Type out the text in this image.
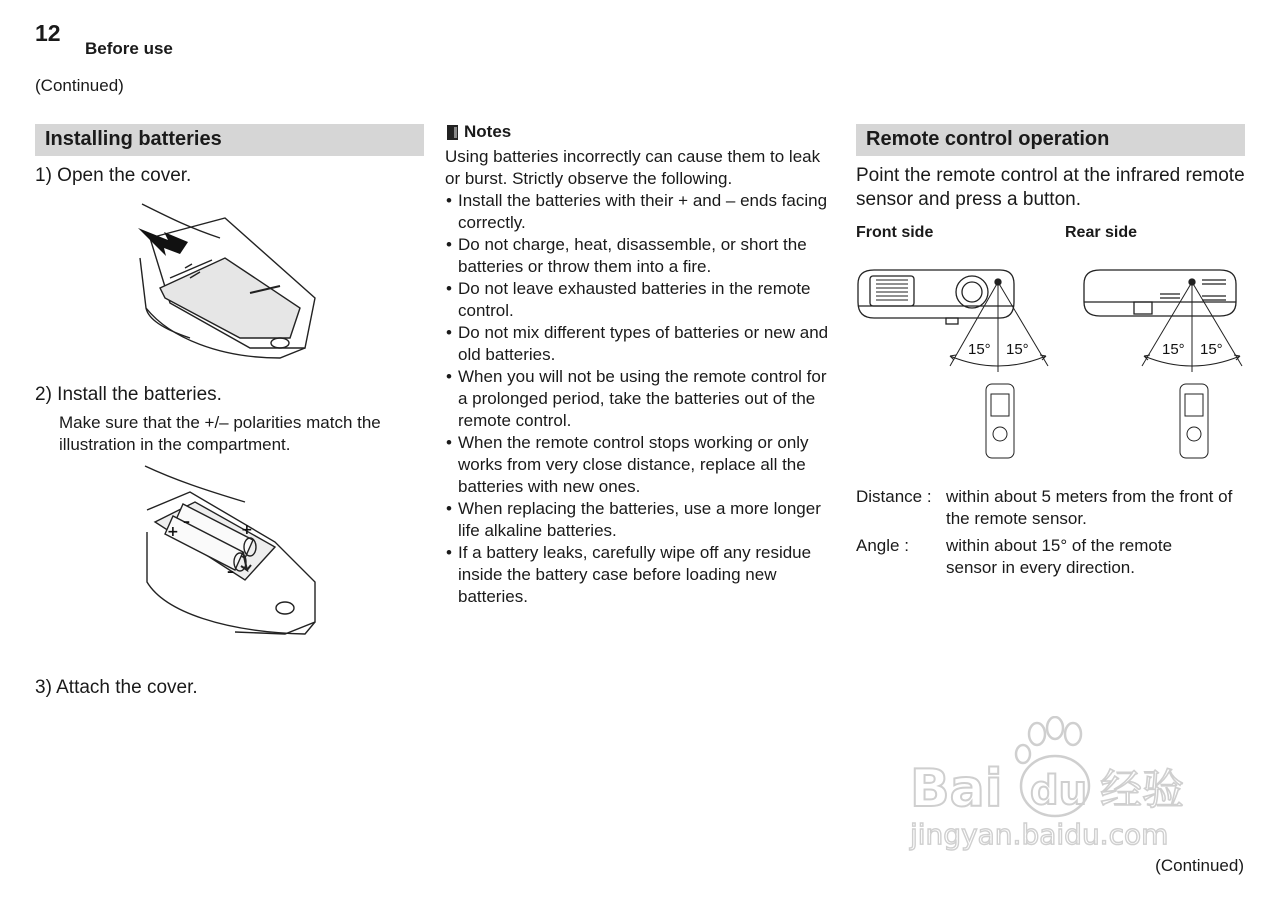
12
Before use
(Continued)
Installing batteries
1) Open the cover.
2) Install the batteries.
Make sure that the +/– polarities match the illustration in the compartment.
+
–
+
–
3) Attach the cover.
Notes
Using batteries incorrectly can cause them to leak or burst. Strictly observe the following.
• Install the batteries with their + and – ends facing correctly.
• Do not charge, heat, disassemble, or short the batteries or throw them into a fire.
• Do not leave exhausted batteries in the remote control.
• Do not mix different types of batteries or new and old batteries.
• When you will not be using the remote control for a prolonged period, take the batteries out of the remote control.
• When the remote control stops working or only works from very close distance, replace all the batteries with new ones.
• When replacing the batteries, use a more longer life alkaline batteries.
• If a battery leaks, carefully wipe off any residue inside the battery case before loading new batteries.
Remote control operation
Point the remote control at the infrared remote sensor and press a button.
Front side	Rear side
15° 15°	15° 15°
Distance : within about 5 meters from the front of the remote sensor.
Angle : within about 15° of the remote sensor in every direction.
Bai du 经验
jingyan.baidu.com
(Continued)
